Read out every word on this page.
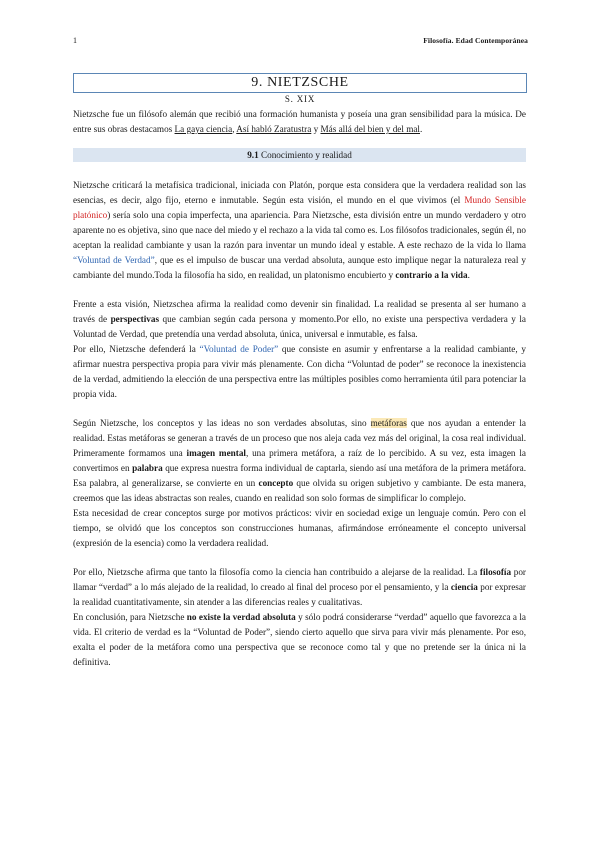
1	Filosofía. Edad Contemporánea
9. NIETZSCHE
S. XIX

Nietzsche fue un filósofo alemán que recibió una formación humanista y poseía una gran sensibilidad para la música. De entre sus obras destacamos La gaya ciencia, Así habló Zaratustra y Más allá del bien y del mal.

9.1 Conocimiento y realidad

Nietzsche criticará la metafísica tradicional, iniciada con Platón, porque esta considera que la verdadera realidad son las esencias, es decir, algo fijo, eterno e inmutable. Según esta visión, el mundo en el que vivimos (el Mundo Sensible platónico) sería solo una copia imperfecta, una apariencia. Para Nietzsche, esta división entre un mundo verdadero y otro aparente no es objetiva, sino que nace del miedo y el rechazo a la vida tal como es. Los filósofos tradicionales, según él, no aceptan la realidad cambiante y usan la razón para inventar un mundo ideal y estable. A este rechazo de la vida lo llama “Voluntad de Verdad”, que es el impulso de buscar una verdad absoluta, aunque esto implique negar la naturaleza real y cambiante del mundo.Toda la filosofía ha sido, en realidad, un platonismo encubierto y contrario a la vida.

Frente a esta visión, Nietzschea afirma la realidad como devenir sin finalidad. La realidad se presenta al ser humano a través de perspectivas que cambian según cada persona y momento.Por ello, no existe una perspectiva verdadera y la Voluntad de Verdad, que pretendía una verdad absoluta, única, universal e inmutable, es falsa.

Por ello, Nietzsche defenderá la “Voluntad de Poder” que consiste en asumir y enfrentarse a la realidad cambiante, y afirmar nuestra perspectiva propia para vivir más plenamente. Con dicha “Voluntad de poder” se reconoce la inexistencia de la verdad, admitiendo la elección de una perspectiva entre las múltiples posibles como herramienta útil para potenciar la propia vida.

Según Nietzsche, los conceptos y las ideas no son verdades absolutas, sino metáforas que nos ayudan a entender la realidad. Estas metáforas se generan a través de un proceso que nos aleja cada vez más del original, la cosa real individual. Primeramente formamos una imagen mental, una primera metáfora, a raíz de lo percibido. A su vez, esta imagen la convertimos en palabra que expresa nuestra forma individual de captarla, siendo así una metáfora de la primera metáfora. Esa palabra, al generalizarse, se convierte en un concepto que olvida su origen subjetivo y cambiante. De esta manera, creemos que las ideas abstractas son reales, cuando en realidad son solo formas de simplificar lo complejo.

Esta necesidad de crear conceptos surge por motivos prácticos: vivir en sociedad exige un lenguaje común. Pero con el tiempo, se olvidó que los conceptos son construcciones humanas, afirmándose erróneamente el concepto universal (expresión de la esencia) como la verdadera realidad.

Por ello, Nietzsche afirma que tanto la filosofía como la ciencia han contribuido a alejarse de la realidad. La filosofía por llamar “verdad” a lo más alejado de la realidad, lo creado al final del proceso por el pensamiento, y la ciencia por expresar la realidad cuantitativamente, sin atender a las diferencias reales y cualitativas.

En conclusión, para Nietzsche no existe la verdad absoluta y sólo podrá considerarse “verdad” aquello que favorezca a la vida. El criterio de verdad es la “Voluntad de Poder”, siendo cierto aquello que sirva para vivir más plenamente. Por eso, exalta el poder de la metáfora como una perspectiva que se reconoce como tal y que no pretende ser la única ni la definitiva.
